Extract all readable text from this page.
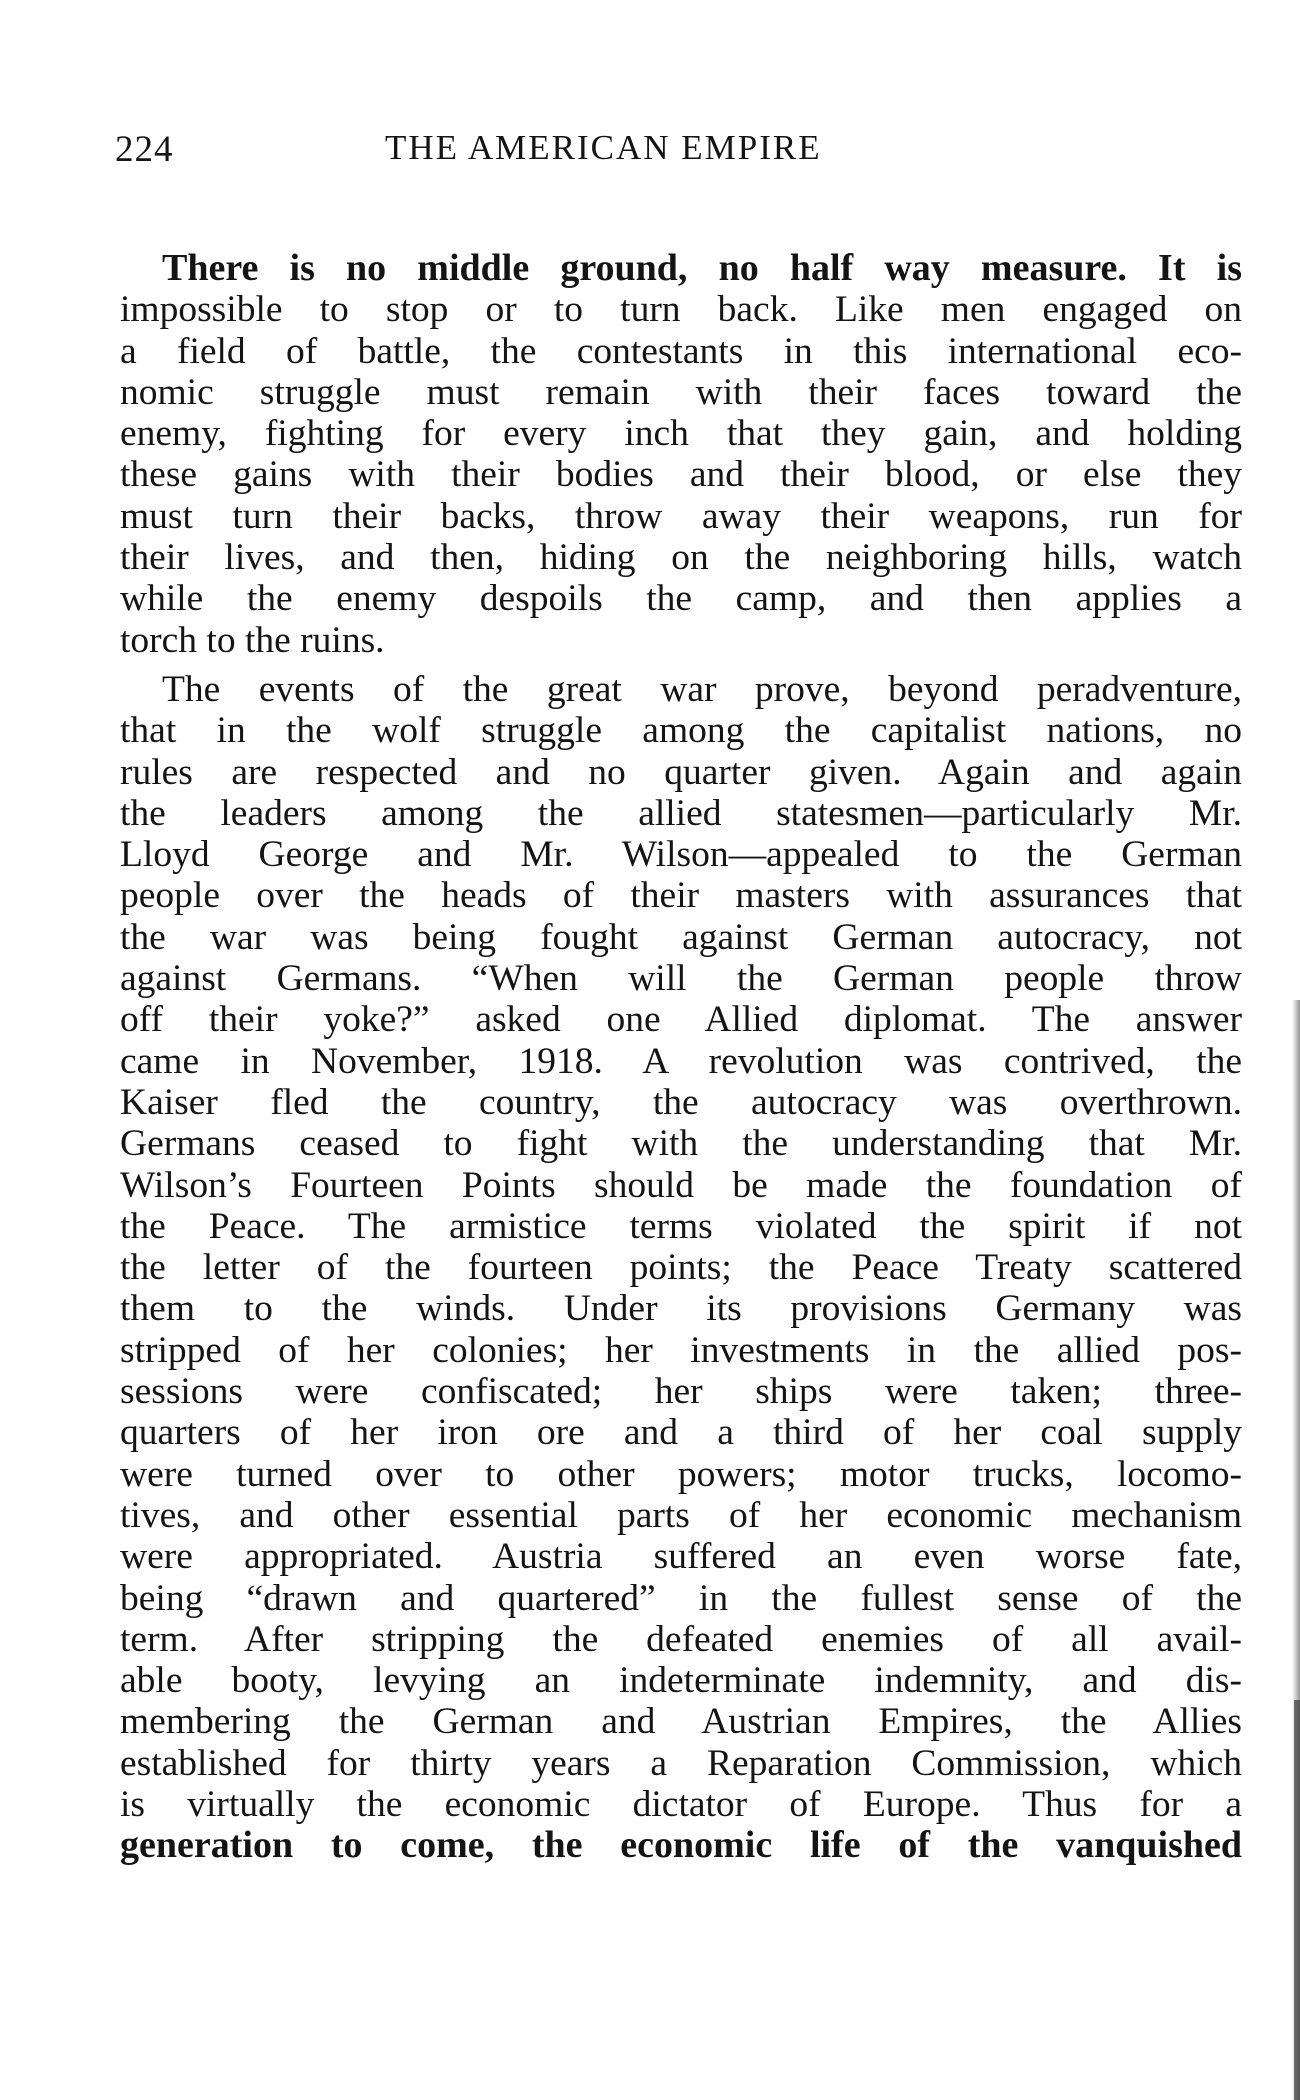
224	THE AMERICAN EMPIRE
There is no middle ground, no half way measure. It is
impossible to stop or to turn back. Like men engaged on
a field of battle, the contestants in this international eco-
nomic struggle must remain with their faces toward the
enemy, fighting for every inch that they gain, and holding
these gains with their bodies and their blood, or else they
must turn their backs, throw away their weapons, run for
their lives, and then, hiding on the neighboring hills, watch
while the enemy despoils the camp, and then applies a
torch to the ruins.
The events of the great war prove, beyond peradventure,
that in the wolf struggle among the capitalist nations, no
rules are respected and no quarter given. Again and again
the leaders among the allied statesmen—particularly Mr.
Lloyd George and Mr. Wilson—appealed to the German
people over the heads of their masters with assurances that
the war was being fought against German autocracy, not
against Germans. “When will the German people throw
off their yoke?” asked one Allied diplomat. The answer
came in November, 1918. A revolution was contrived, the
Kaiser fled the country, the autocracy was overthrown.
Germans ceased to fight with the understanding that Mr.
Wilson’s Fourteen Points should be made the foundation of
the Peace. The armistice terms violated the spirit if not
the letter of the fourteen points; the Peace Treaty scattered
them to the winds. Under its provisions Germany was
stripped of her colonies; her investments in the allied pos-
sessions were confiscated; her ships were taken; three-
quarters of her iron ore and a third of her coal supply
were turned over to other powers; motor trucks, locomo-
tives, and other essential parts of her economic mechanism
were appropriated. Austria suffered an even worse fate,
being “drawn and quartered” in the fullest sense of the
term. After stripping the defeated enemies of all avail-
able booty, levying an indeterminate indemnity, and dis-
membering the German and Austrian Empires, the Allies
established for thirty years a Reparation Commission, which
is virtually the economic dictator of Europe. Thus for a
generation to come, the economic life of the vanquished
